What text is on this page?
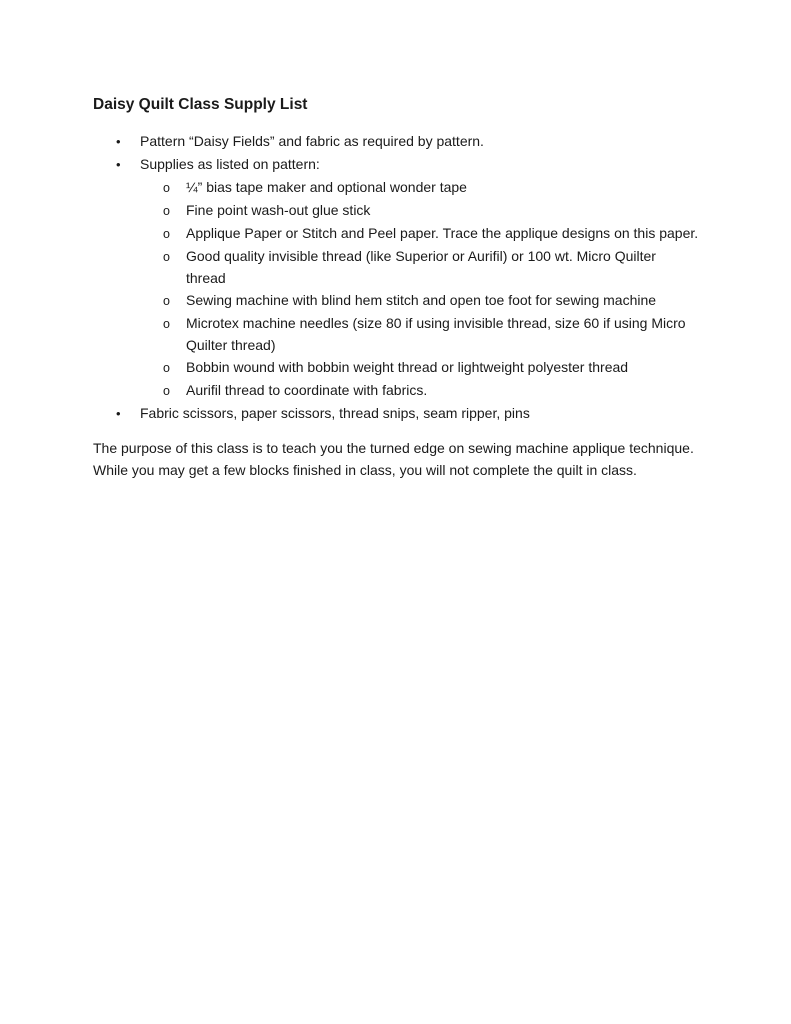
Daisy Quilt Class Supply List
•	Pattern “Daisy Fields” and fabric as required by pattern.
•	Supplies as listed on pattern:
o	¼” bias tape maker and optional wonder tape
o	Fine point wash-out glue stick
o	Applique Paper or Stitch and Peel paper. Trace the applique designs on this paper.
o	Good quality invisible thread (like Superior or Aurifil) or 100 wt. Micro Quilter thread
o	Sewing machine with blind hem stitch and open toe foot for sewing machine
o	Microtex machine needles (size 80 if using invisible thread, size 60 if using Micro Quilter thread)
o	Bobbin wound with bobbin weight thread or lightweight polyester thread
o	Aurifil thread to coordinate with fabrics.
•	Fabric scissors, paper scissors, thread snips, seam ripper, pins

The purpose of this class is to teach you the turned edge on sewing machine applique technique. While you may get a few blocks finished in class, you will not complete the quilt in class.
